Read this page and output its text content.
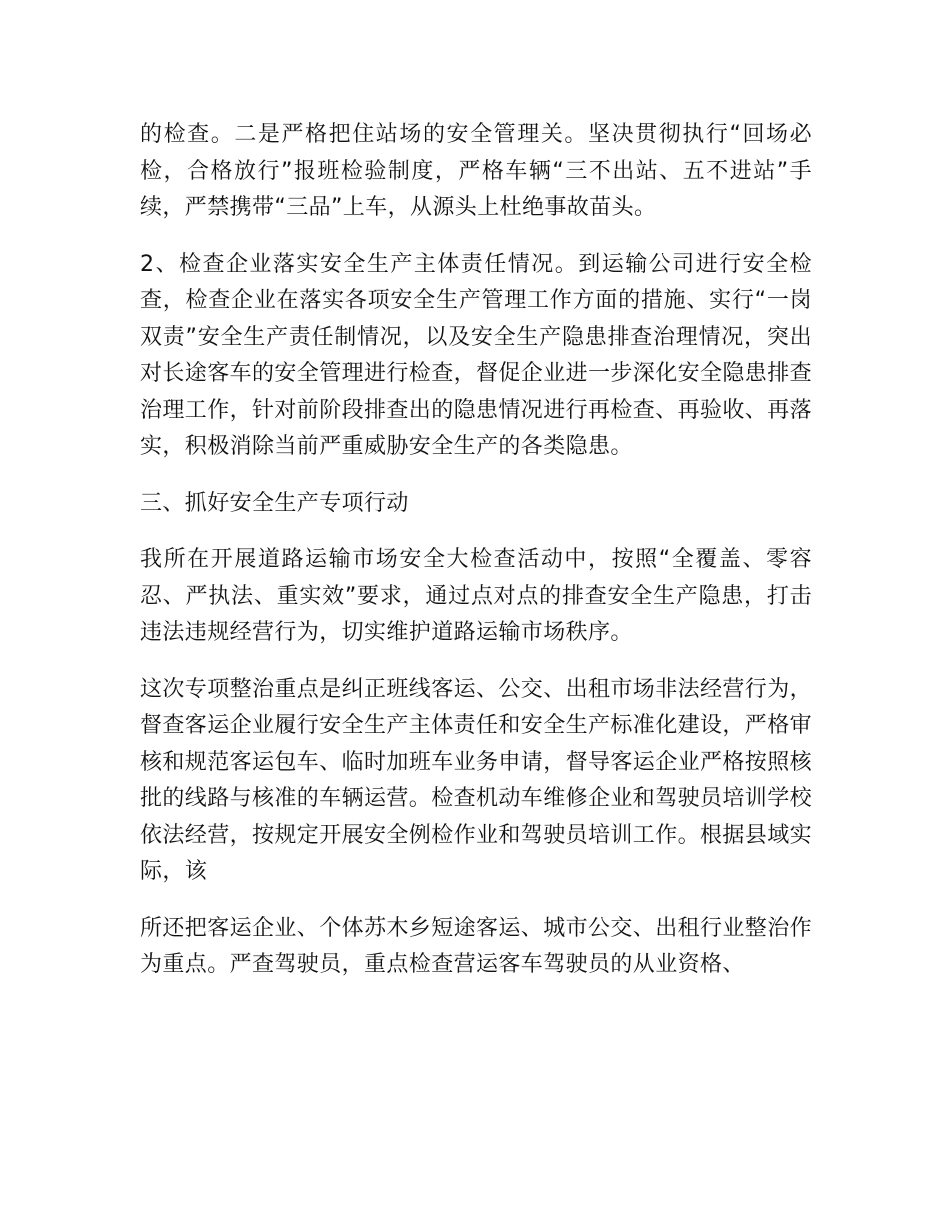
的检查。二是严格把住站场的安全管理关。坚决贯彻执行“回场必检，合格放行”报班检验制度，严格车辆“三不出站、五不进站”手续，严禁携带“三品”上车，从源头上杜绝事故苗头。

2、检查企业落实安全生产主体责任情况。到运输公司进行安全检查，检查企业在落实各项安全生产管理工作方面的措施、实行“一岗双责”安全生产责任制情况，以及安全生产隐患排查治理情况，突出对长途客车的安全管理进行检查，督促企业进一步深化安全隐患排查治理工作，针对前阶段排查出的隐患情况进行再检查、再验收、再落实，积极消除当前严重威胁安全生产的各类隐患。

三、抓好安全生产专项行动

我所在开展道路运输市场安全大检查活动中，按照“全覆盖、零容忍、严执法、重实效”要求，通过点对点的排查安全生产隐患，打击违法违规经营行为，切实维护道路运输市场秩序。

这次专项整治重点是纠正班线客运、公交、出租市场非法经营行为，督查客运企业履行安全生产主体责任和安全生产标准化建设，严格审核和规范客运包车、临时加班车业务申请，督导客运企业严格按照核批的线路与核准的车辆运营。检查机动车维修企业和驾驶员培训学校依法经营，按规定开展安全例检作业和驾驶员培训工作。根据县域实际，该

所还把客运企业、个体苏木乡短途客运、城市公交、出租行业整治作为重点。严查驾驶员，重点检查营运客车驾驶员的从业资格、
